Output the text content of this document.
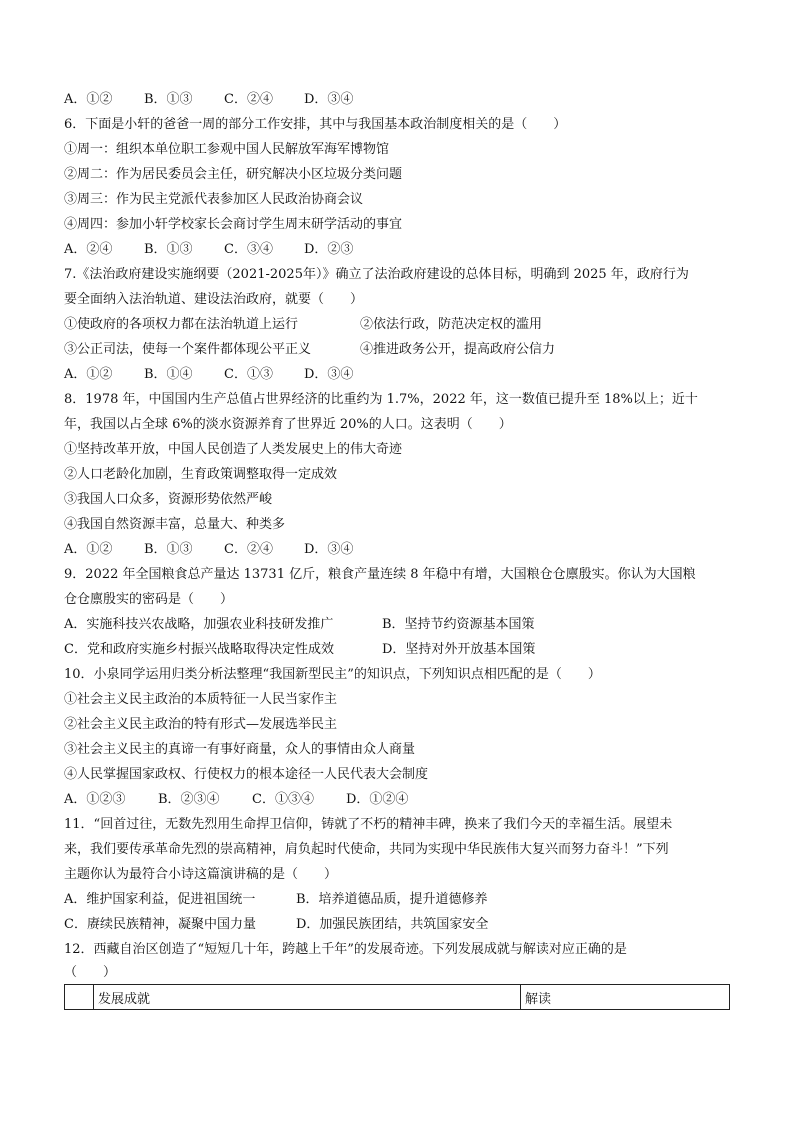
A．①②	B．①③	C．②④	D．③④
6．下面是小轩的爸爸一周的部分工作安排，其中与我国基本政治制度相关的是（　　）
①周一：组织本单位职工参观中国人民解放军海军博物馆
②周二：作为居民委员会主任，研究解决小区垃圾分类问题
③周三：作为民主党派代表参加区人民政治协商会议
④周四：参加小轩学校家长会商讨学生周末研学活动的事宜
A．②④	B．①③	C．③④	D．②③
7.《法治政府建设实施纲要（2021-2025年）》确立了法治政府建设的总体目标，明确到 2025 年，政府行为
要全面纳入法治轨道、建设法治政府，就要（　　）
①使政府的各项权力都在法治轨道上运行	②依法行政，防范决定权的滥用
③公正司法，使每一个案件都体现公平正义	④推进政务公开，提高政府公信力
A．①②	B．①④	C．①③	D．③④
8．1978 年，中国国内生产总值占世界经济的比重约为 1.7%，2022 年，这一数值已提升至 18%以上；近十
年，我国以占全球 6%的淡水资源养育了世界近 20%的人口。这表明（　　）
①坚持改革开放，中国人民创造了人类发展史上的伟大奇迹
②人口老龄化加剧，生育政策调整取得一定成效
③我国人口众多，资源形势依然严峻
④我国自然资源丰富，总量大、种类多
A．①②	B．①③	C．②④	D．③④
9．2022 年全国粮食总产量达 13731 亿斤，粮食产量连续 8 年稳中有增，大国粮仓仓廪殷实。你认为大国粮
仓仓廪殷实的密码是（　　）
A．实施科技兴农战略，加强农业科技研发推广	B．坚持节约资源基本国策
C．党和政府实施乡村振兴战略取得决定性成效	D．坚持对外开放基本国策
10．小泉同学运用归类分析法整理“我国新型民主”的知识点，下列知识点相匹配的是（　　）
①社会主义民主政治的本质特征一人民当家作主
②社会主义民主政治的特有形式—发展选举民主
③社会主义民主的真谛一有事好商量，众人的事情由众人商量
④人民掌握国家政权、行使权力的根本途径一人民代表大会制度
A．①②③	B．②③④	C．①③④	D．①②④
11．“回首过往，无数先烈用生命捍卫信仰，铸就了不朽的精神丰碑，换来了我们今天的幸福生活。展望未
来，我们要传承革命先烈的崇高精神，肩负起时代使命，共同为实现中华民族伟大复兴而努力奋斗！”下列
主题你认为最符合小诗这篇演讲稿的是（　　）
A．维护国家利益，促进祖国统一	B．培养道德品质，提升道德修养
C．赓续民族精神，凝聚中国力量	D．加强民族团结，共筑国家安全
12．西藏自治区创造了“短短几十年，跨越上千年”的发展奇迹。下列发展成就与解读对应正确的是
（　　）
	发展成就	解读
